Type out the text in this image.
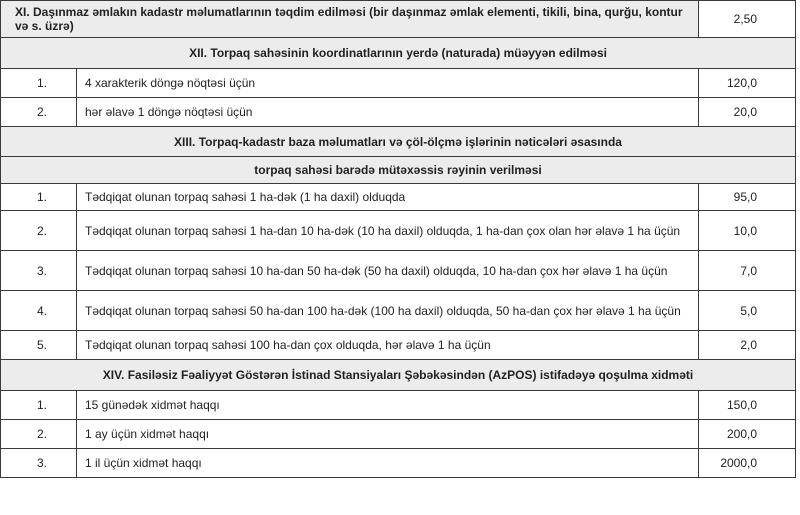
XI. Daşınmaz əmlakın kadastr məlumatlarının təqdim edilməsi (bir daşınmaz əmlak elementi, tikili, bina, qurğu, kontur və s. üzrə)		2,50
XII. Torpaq sahəsinin koordinatlarının yerdə (naturada) müəyyən edilməsi		
1.	4 xarakterik döngə nöqtəsi üçün	120,0
2.	hər əlavə 1 döngə nöqtəsi üçün	20,0
XIII. Torpaq-kadastr baza məlumatları və çöl-ölçmə işlərinin nəticələri əsasında		
torpaq sahəsi barədə mütəxəssis rəyinin verilməsi		
1.	Tədqiqat olunan torpaq sahəsi 1 ha-dək (1 ha daxil) olduqda	95,0
2.	Tədqiqat olunan torpaq sahəsi 1 ha-dan 10 ha-dək (10 ha daxil) olduqda, 1 ha-dan çox olan hər əlavə 1 ha üçün	10,0
3.	Tədqiqat olunan torpaq sahəsi 10 ha-dan 50 ha-dək (50 ha daxil) olduqda, 10 ha-dan çox hər əlavə 1 ha üçün	7,0
4.	Tədqiqat olunan torpaq sahəsi 50 ha-dan 100 ha-dək (100 ha daxil) olduqda, 50 ha-dan çox hər əlavə 1 ha üçün	5,0
5.	Tədqiqat olunan torpaq sahəsi 100 ha-dan çox olduqda, hər əlavə 1 ha üçün	2,0
XIV. Fasiləsiz Fəaliyyət Göstərən İstinad Stansiyaları Şəbəkəsindən (AzPOS) istifadəyə qoşulma xidməti		
1.	15 günədək xidmət haqqı	150,0
2.	1 ay üçün xidmət haqqı	200,0
3.	1 il üçün xidmət haqqı	2000,0
